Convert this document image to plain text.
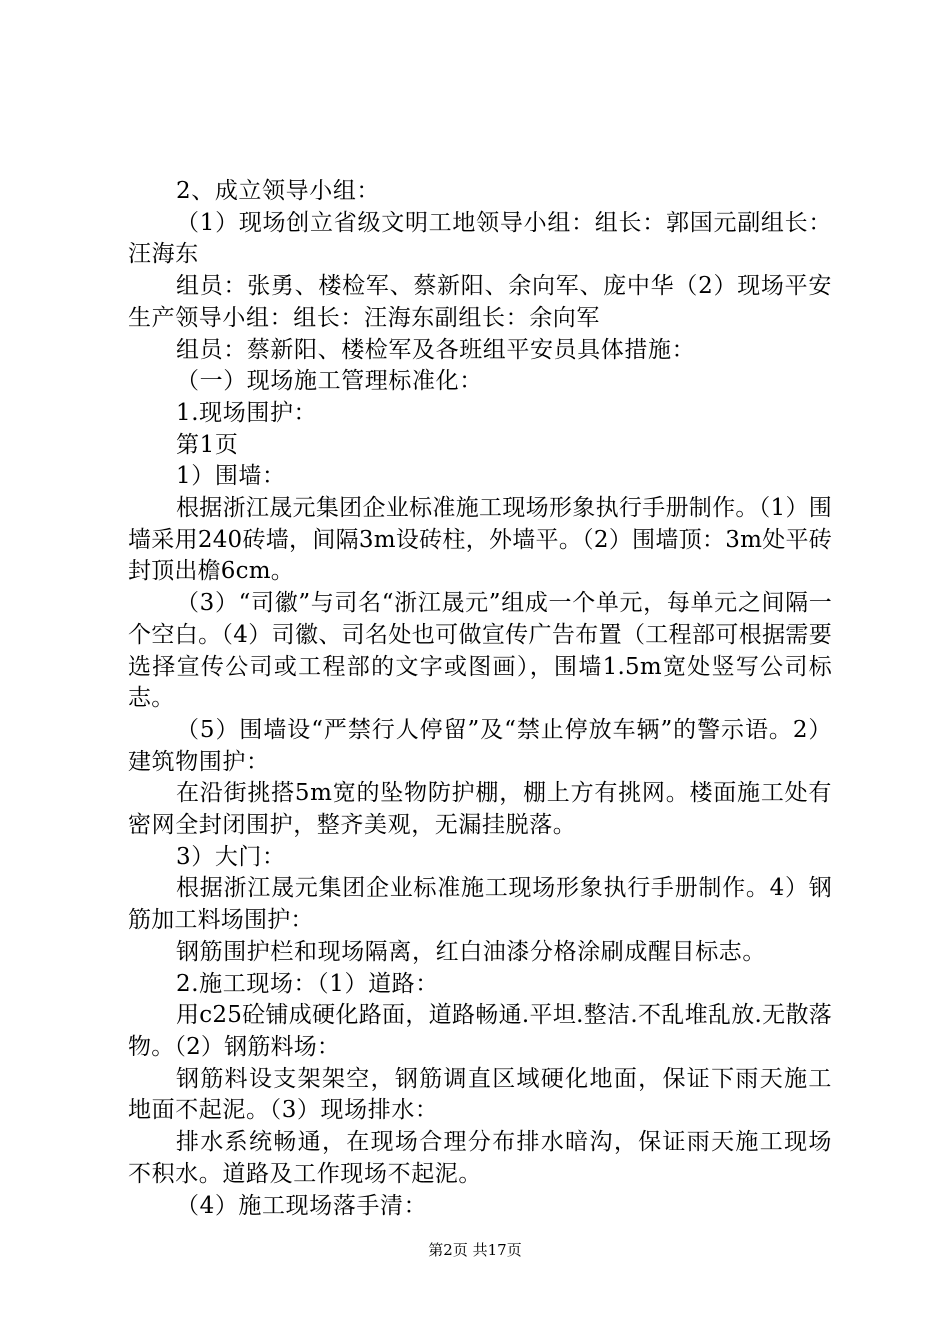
2、成立领导小组：

（1）现场创立省级文明工地领导小组：组长：郭国元副组长：汪海东

组员：张勇、楼检军、蔡新阳、余向军、庞中华（2）现场平安生产领导小组：组长：汪海东副组长：余向军

组员：蔡新阳、楼检军及各班组平安员具体措施：

（一）现场施工管理标准化：

1.现场围护：

第1页

1）围墙：

根据浙江晟元集团企业标准施工现场形象执行手册制作。（1）围墙采用240砖墙，间隔3m设砖柱，外墙平。（2）围墙顶：3m处平砖封顶出檐6cm。

（3）“司徽”与司名“浙江晟元”组成一个单元，每单元之间隔一个空白。（4）司徽、司名处也可做宣传广告布置（工程部可根据需要选择宣传公司或工程部的文字或图画），围墙1.5m宽处竖写公司标志。

（5）围墙设“严禁行人停留”及“禁止停放车辆”的警示语。2）建筑物围护：

在沿街挑搭5m宽的坠物防护棚，棚上方有挑网。楼面施工处有密网全封闭围护，整齐美观，无漏挂脱落。

3）大门：

根据浙江晟元集团企业标准施工现场形象执行手册制作。4）钢筋加工料场围护：

钢筋围护栏和现场隔离，红白油漆分格涂刷成醒目标志。

2.施工现场：（1）道路：

用c25砼铺成硬化路面，道路畅通.平坦.整洁.不乱堆乱放.无散落物。（2）钢筋料场：

钢筋料设支架架空，钢筋调直区域硬化地面，保证下雨天施工地面不起泥。（3）现场排水：

排水系统畅通，在现场合理分布排水暗沟，保证雨天施工现场不积水。道路及工作现场不起泥。

（4）施工现场落手清：

第2页 共17页
